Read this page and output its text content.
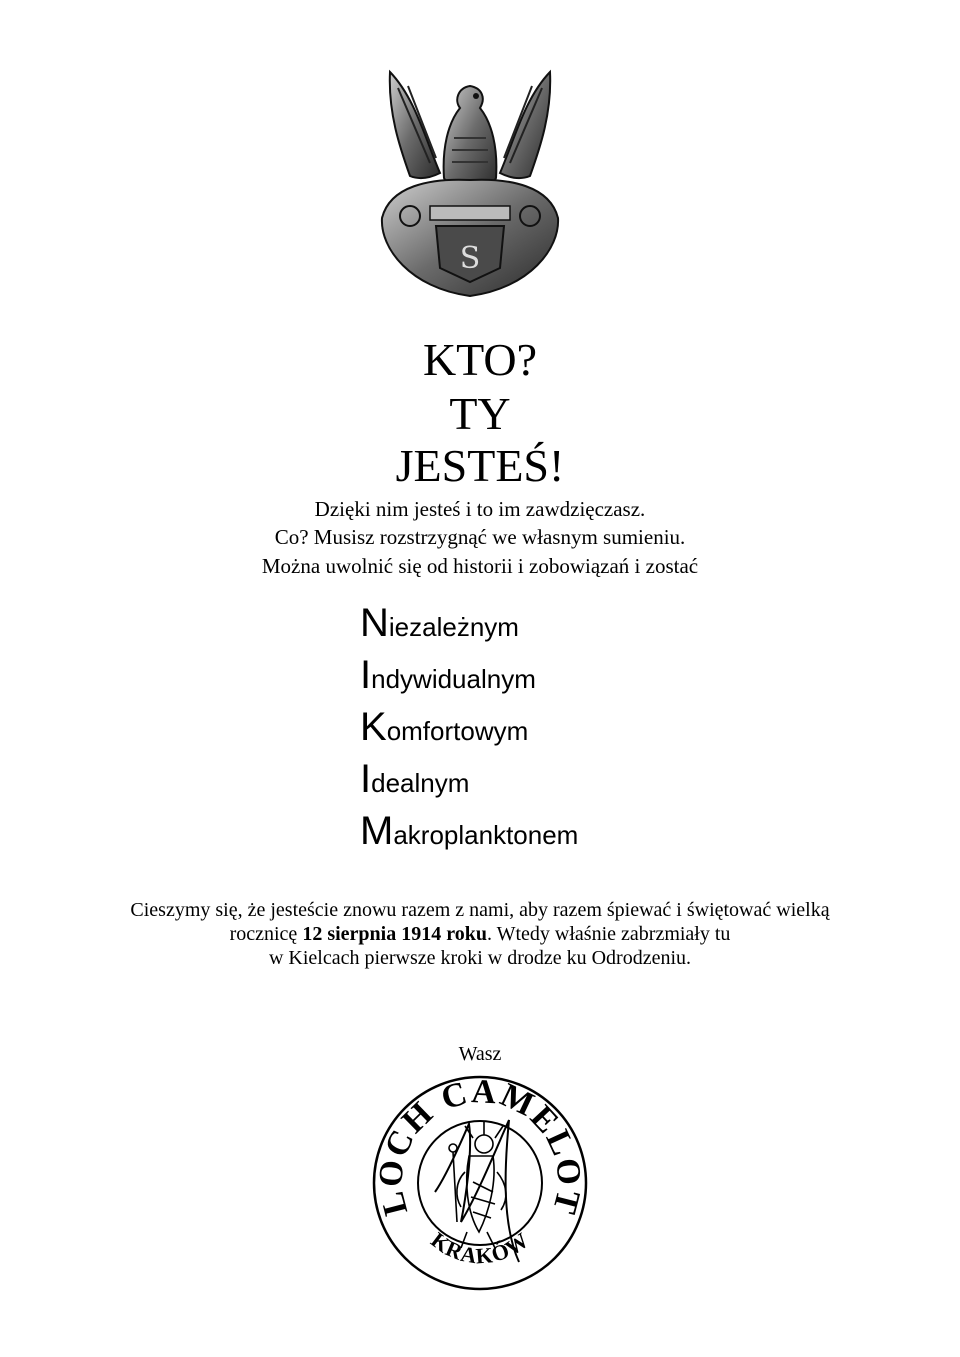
S
KTO?
TY
JESTEŚ!

Dzięki nim jesteś i to im zawdzięczasz.

Co? Musisz rozstrzygnąć we własnym sumieniu.

Można uwolnić się od historii i zobowiązań i zostać

Niezależnym
Indywidualnym
Komfortowym
Idealnym
Makroplanktonem

Cieszymy się, że jesteście znowu razem z nami, aby razem śpiewać i świętować wielką

rocznicę 12 sierpnia 1914 roku. Wtedy właśnie zabrzmiały tu

w Kielcach pierwsze kroki w drodze ku Odrodzeniu.

Wasz
LOCH CAMELOT
KRAKÓW
